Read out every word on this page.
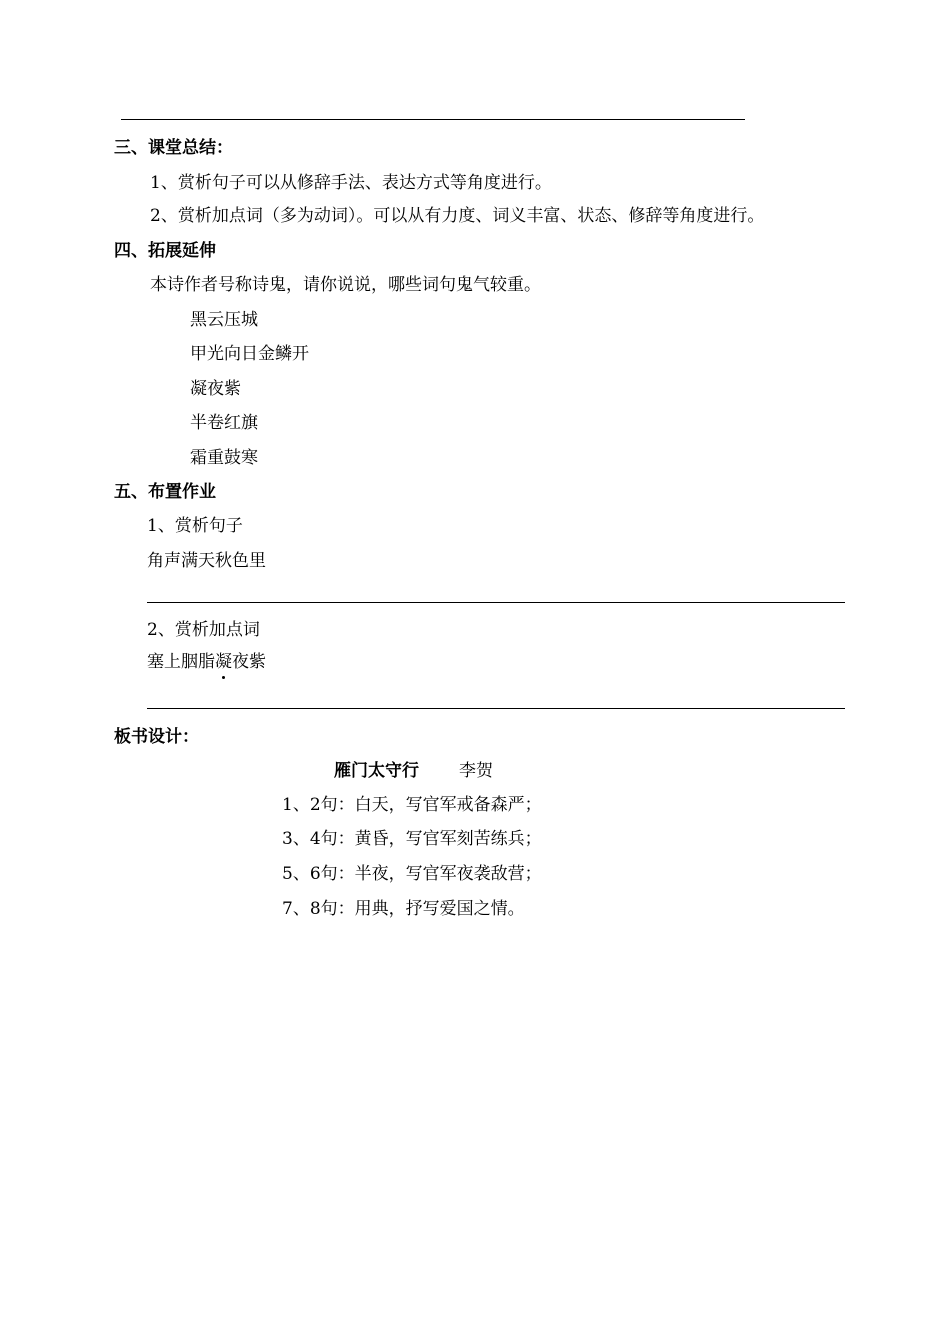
三、课堂总结：
1、赏析句子可以从修辞手法、表达方式等角度进行。
2、赏析加点词（多为动词）。可以从有力度、词义丰富、状态、修辞等角度进行。
四、拓展延伸
本诗作者号称诗鬼，请你说说，哪些词句鬼气较重。
黑云压城
甲光向日金鳞开
凝夜紫
半卷红旗
霜重鼓寒
五、布置作业
1、赏析句子
角声满天秋色里
2、赏析加点词
塞上胭脂凝夜紫
板书设计：
雁门太守行 李贺
1、2句：白天，写官军戒备森严；
3、4句：黄昏，写官军刻苦练兵；
5、6句：半夜，写官军夜袭敌营；
7、8句：用典，抒写爱国之情。
